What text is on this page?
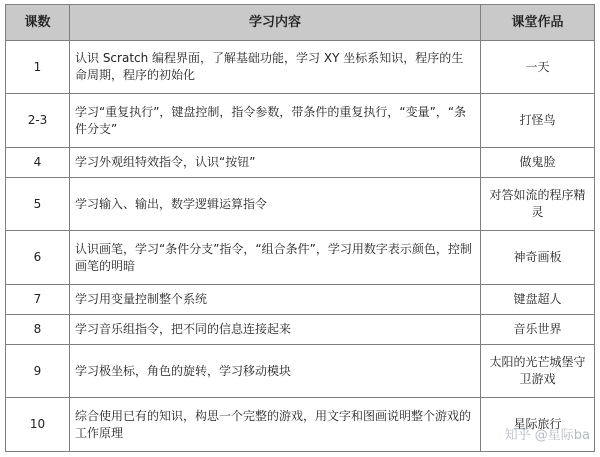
课数	学习内容	课堂作品
1	认识 Scratch 编程界面，了解基础功能，学习 XY 坐标系知识，程序的生命周期，程序的初始化	一天
2-3	学习“重复执行”，键盘控制，指令参数，带条件的重复执行，“变量”，“条件分支”	打怪鸟
4	学习外观组特效指令，认识“按钮”	做鬼脸
5	学习输入、输出，数学逻辑运算指令	对答如流的程序精灵
6	认识画笔，学习“条件分支”指令，“组合条件”，学习用数字表示颜色，控制画笔的明暗	神奇画板
7	学习用变量控制整个系统	键盘超人
8	学习音乐组指令，把不同的信息连接起来	音乐世界
9	学习极坐标，角色的旋转，学习移动模块	太阳的光芒城堡守卫游戏
10	综合使用已有的知识，构思一个完整的游戏，用文字和图画说明整个游戏的工作原理	星际旅行
知乎 @星际ba
